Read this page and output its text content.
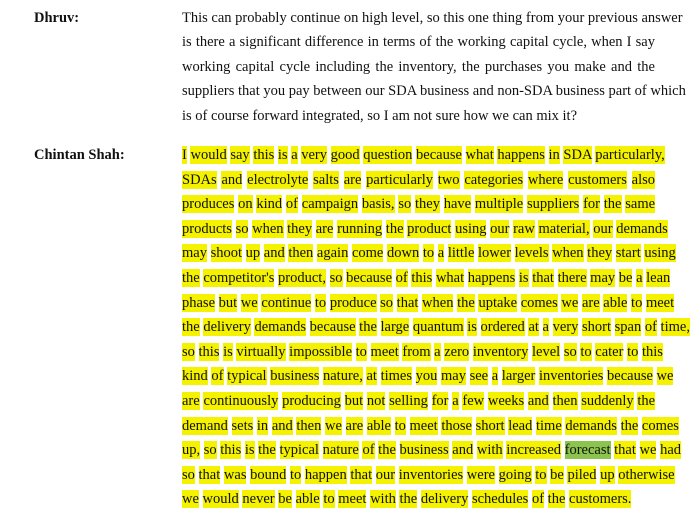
Dhruv:	This can probably continue on high level, so this one thing from your previous answer
is there a significant difference in terms of the working capital cycle, when I say
working capital cycle including the inventory, the purchases you make and the
suppliers that you pay between our SDA business and non-SDA business part of which
is of course forward integrated, so I am not sure how we can mix it?
Chintan Shah:	I would say this is a very good question because what happens in SDA particularly,
SDAs and electrolyte salts are particularly two categories where customers also
produces on kind of campaign basis, so they have multiple suppliers for the same
products so when they are running the product using our raw material, our demands
may shoot up and then again come down to a little lower levels when they start using
the competitor's product, so because of this what happens is that there may be a lean
phase but we continue to produce so that when the uptake comes we are able to meet
the delivery demands because the large quantum is ordered at a very short span of time,
so this is virtually impossible to meet from a zero inventory level so to cater to this
kind of typical business nature, at times you may see a larger inventories because we
are continuously producing but not selling for a few weeks and then suddenly the
demand sets in and then we are able to meet those short lead time demands the comes
up, so this is the typical nature of the business and with increased forecast that we had
so that was bound to happen that our inventories were going to be piled up otherwise
we would never be able to meet with the delivery schedules of the customers.
